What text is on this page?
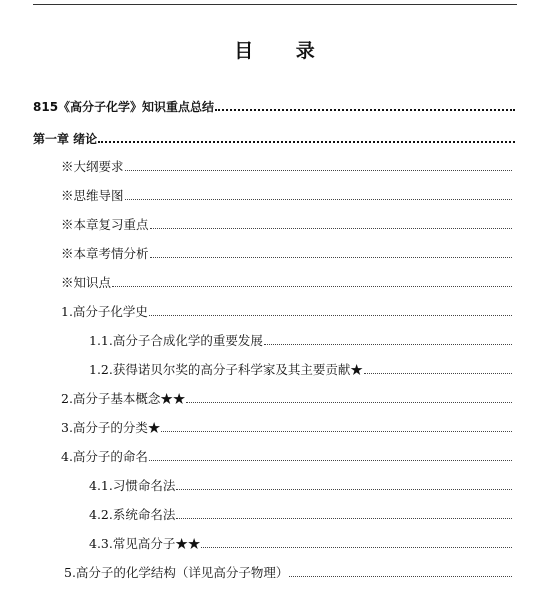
目 录
815《高分子化学》知识重点总结
第一章 绪论
※大纲要求
※思维导图
※本章复习重点
※本章考情分析
※知识点
1.高分子化学史
1.1.高分子合成化学的重要发展
1.2.获得诺贝尔奖的高分子科学家及其主要贡献★
2.高分子基本概念★★
3.高分子的分类★
4.高分子的命名
4.1.习惯命名法
4.2.系统命名法
4.3.常见高分子★★
5.高分子的化学结构（详见高分子物理）
